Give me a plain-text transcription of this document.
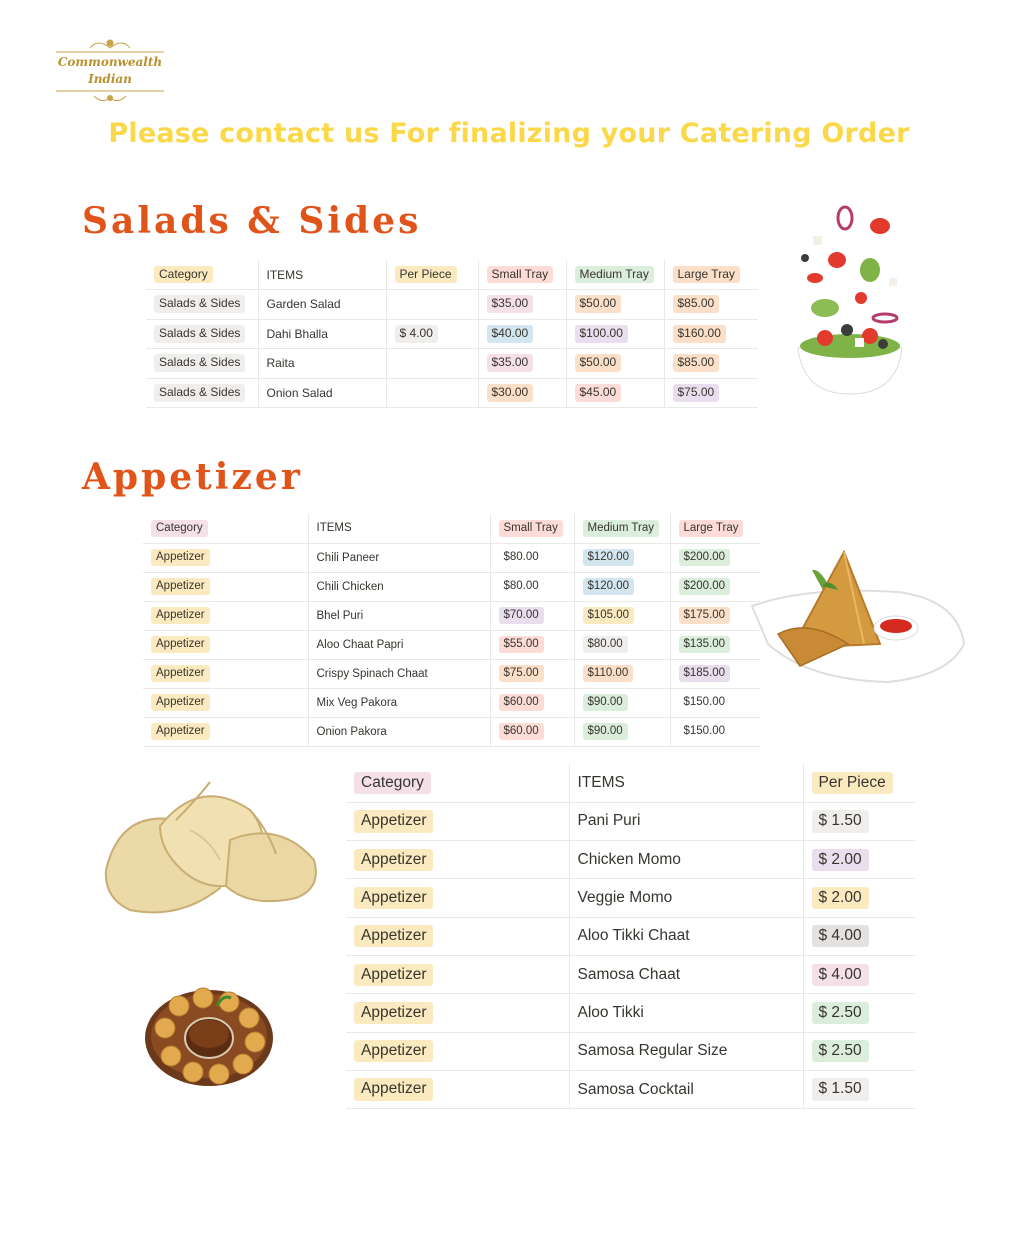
Commonwealth
Indian
Please contact us For finalizing your Catering Order
Salads & Sides
Category	ITEMS	Per Piece	Small Tray	Medium Tray	Large Tray
Salads & Sides	Garden Salad		$35.00	$50.00	$85.00
Salads & Sides	Dahi Bhalla	$ 4.00	$40.00	$100.00	$160.00
Salads & Sides	Raita		$35.00	$50.00	$85.00
Salads & Sides	Onion Salad		$30.00	$45.00	$75.00
Appetizer
Category	ITEMS	Small Tray	Medium Tray	Large Tray
Appetizer	Chili Paneer	$80.00	$120.00	$200.00
Appetizer	Chili Chicken	$80.00	$120.00	$200.00
Appetizer	Bhel Puri	$70.00	$105.00	$175.00
Appetizer	Aloo Chaat Papri	$55.00	$80.00	$135.00
Appetizer	Crispy Spinach Chaat	$75.00	$110.00	$185.00
Appetizer	Mix Veg Pakora	$60.00	$90.00	$150.00
Appetizer	Onion Pakora	$60.00	$90.00	$150.00
Category	ITEMS	Per Piece
Appetizer	Pani Puri	$ 1.50
Appetizer	Chicken Momo	$ 2.00
Appetizer	Veggie Momo	$ 2.00
Appetizer	Aloo Tikki Chaat	$ 4.00
Appetizer	Samosa Chaat	$ 4.00
Appetizer	Aloo Tikki	$ 2.50
Appetizer	Samosa Regular Size	$ 2.50
Appetizer	Samosa Cocktail	$ 1.50
